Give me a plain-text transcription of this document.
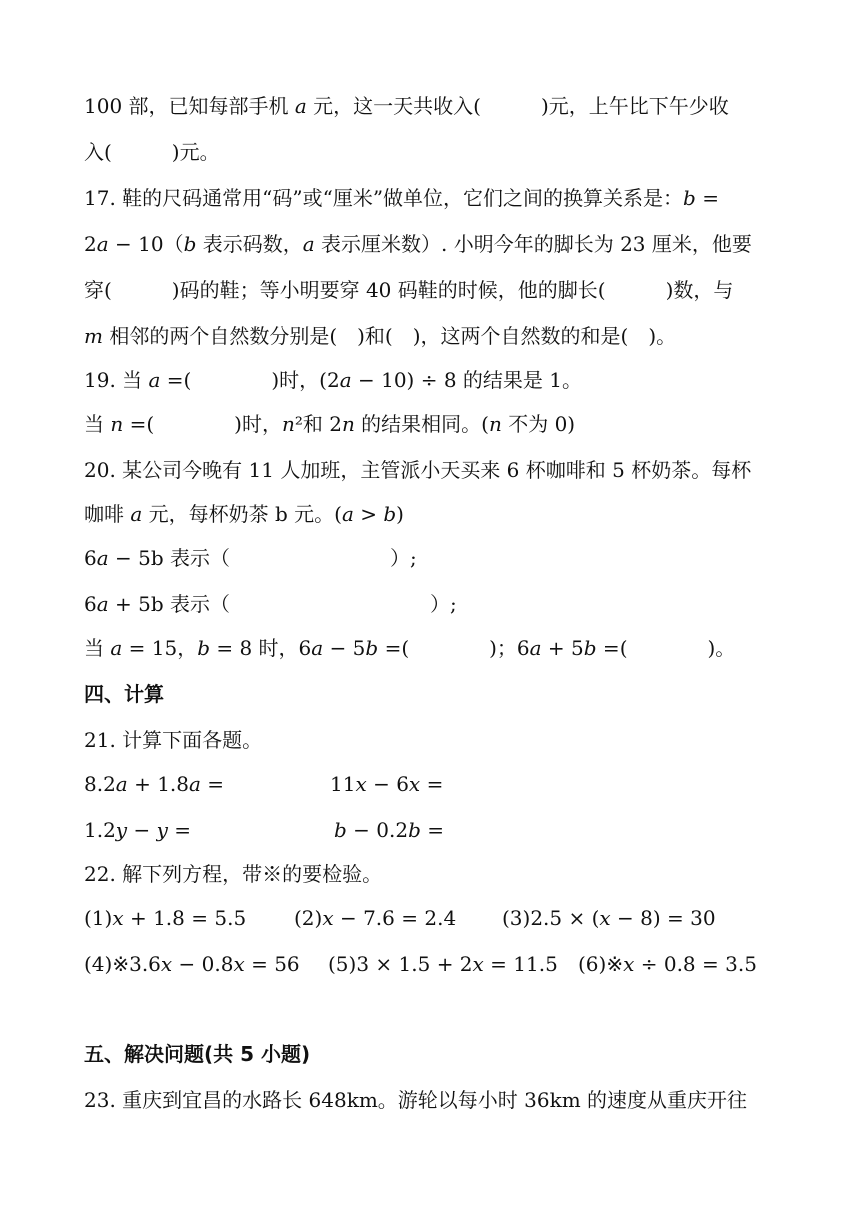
100 部，已知每部手机 𝑎 元，这一天共收入(　　　)元，上午比下午少收
入(　　　)元。
17. 鞋的尺码通常用“码”或“厘米”做单位，它们之间的换算关系是：𝑏 =
2𝑎 − 10（𝑏 表示码数，𝑎 表示厘米数）. 小明今年的脚长为 23 厘米，他要
穿(　　　)码的鞋；等小明要穿 40 码鞋的时候，他的脚长(　　　)数，与
𝑚 相邻的两个自然数分别是(　)和(　)，这两个自然数的和是(　)。
19. 当 𝑎 =(　　　　)时，(2𝑎 − 10) ÷ 8 的结果是 1。
当 𝑛 =(　　　　)时，𝑛²和 2𝑛 的结果相同。(𝑛 不为 0)
20. 某公司今晚有 11 人加班，主管派小天买来 6 杯咖啡和 5 杯奶茶。每杯
咖啡 𝑎 元，每杯奶茶 b 元。(𝑎 > 𝑏)
6𝑎 − 5b 表示（　　　　　　　　）;
6𝑎 + 5b 表示（　　　　　　　　　　）;
当 𝑎 = 15，𝑏 = 8 时，6𝑎 − 5𝑏 =(　　　　)；6𝑎 + 5𝑏 =(　　　　)。
四、计算
21. 计算下面各题。
8.2𝑎 + 1.8𝑎 =	11𝑥 − 6𝑥 =
1.2𝑦 − 𝑦 =	𝑏 − 0.2𝑏 =
22. 解下列方程，带※的要检验。
(1)𝑥 + 1.8 = 5.5 (2)𝑥 − 7.6 = 2.4 (3)2.5 × (𝑥 − 8) = 30
(4)※3.6𝑥 − 0.8𝑥 = 56 (5)3 × 1.5 + 2𝑥 = 11.5 (6)※𝑥 ÷ 0.8 = 3.5
五、解决问题(共 5 小题)
23. 重庆到宜昌的水路长 648km。游轮以每小时 36km 的速度从重庆开往
